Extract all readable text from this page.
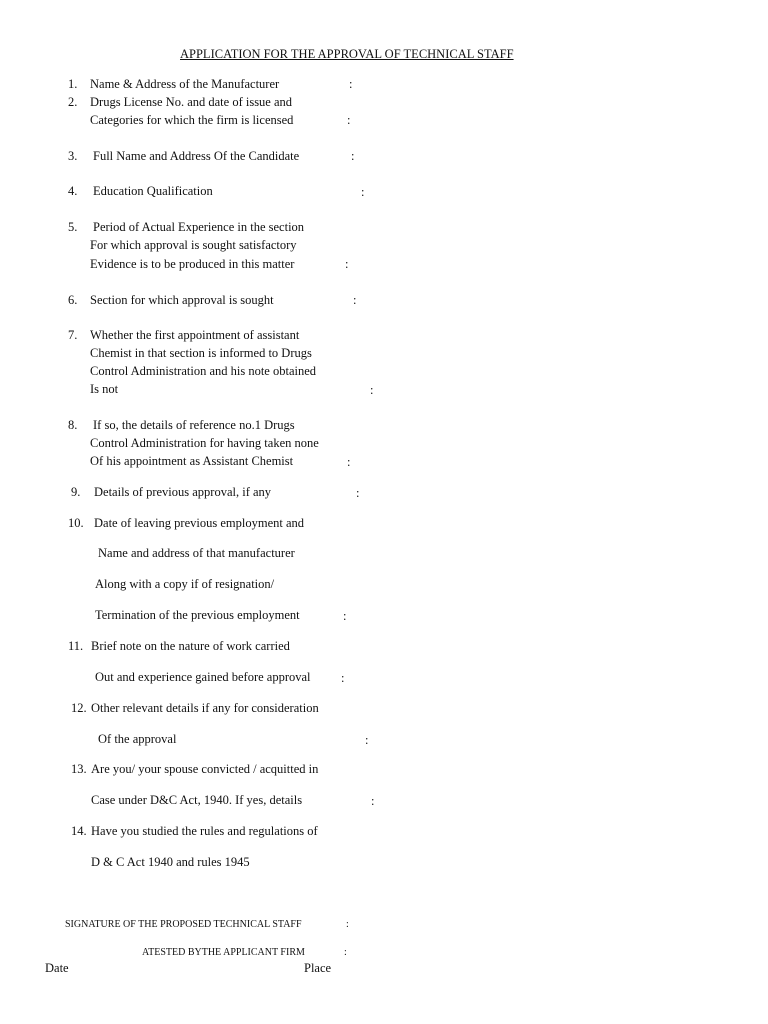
APPLICATION FOR THE APPROVAL OF TECHNICAL STAFF
1. Name & Address of the Manufacturer	:
2. Drugs License No. and date of issue and
Categories for which the firm is licensed	:
3. Full Name and Address Of the Candidate	:
4. Education Qualification	:
5. Period of Actual Experience in the section
For which approval is sought satisfactory
Evidence is to be produced in this matter	:
6. Section for which approval is sought	:
7. Whether the first appointment of assistant
Chemist in that section is informed to Drugs
Control Administration and his note obtained
Is not	:
8. If so, the details of reference no.1 Drugs
Control Administration for having taken none
Of his appointment as Assistant Chemist	:
9. Details of previous approval, if any	:
10. Date of leaving previous employment and
Name and address of that manufacturer
Along with a copy if of resignation/
Termination of the previous employment	:
11. Brief note on the nature of work carried
Out and experience gained before approval :
12. Other relevant details if any for consideration
Of the approval	:
13. Are you/ your spouse convicted / acquitted in
Case under D&C Act, 1940. If yes, details	:
14. Have you studied the rules and regulations of
D & C Act 1940 and rules 1945
SIGNATURE OF THE PROPOSED TECHNICAL STAFF	:
ATESTED BYTHE APPLICANT FIRM	:
Date	Place
